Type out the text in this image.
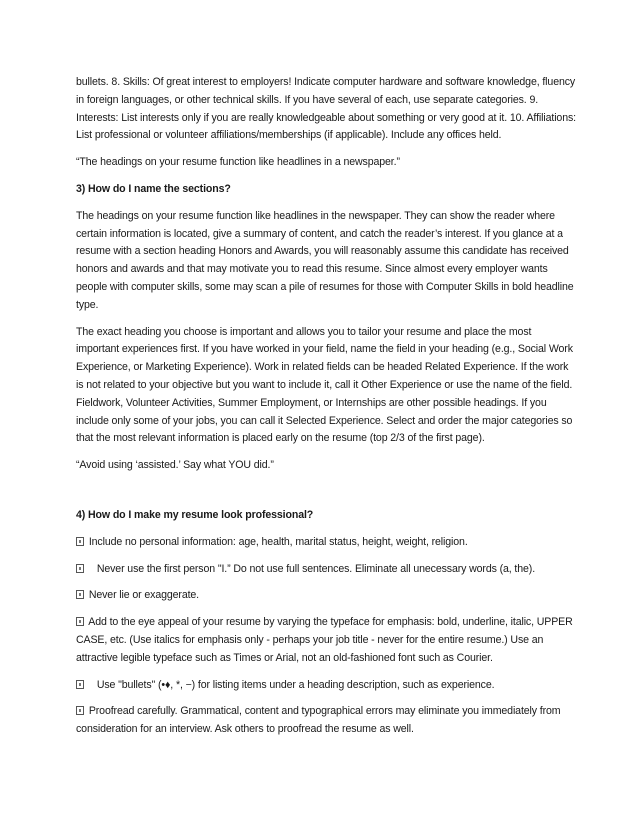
bullets. 8. Skills: Of great interest to employers! Indicate computer hardware and software knowledge, fluency in foreign languages, or other technical skills. If you have several of each, use separate categories. 9. Interests: List interests only if you are really knowledgeable about something or very good at it. 10. Affiliations: List professional or volunteer affiliations/memberships (if applicable). Include any offices held.

“The headings on your resume function like headlines in a newspaper.”

3) How do I name the sections?

The headings on your resume function like headlines in the newspaper. They can show the reader where certain information is located, give a summary of content, and catch the reader’s interest. If you glance at a resume with a section heading Honors and Awards, you will reasonably assume this candidate has received honors and awards and that may motivate you to read this resume. Since almost every employer wants people with computer skills, some may scan a pile of resumes for those with Computer Skills in bold headline type.

The exact heading you choose is important and allows you to tailor your resume and place the most important experiences first. If you have worked in your field, name the field in your heading (e.g., Social Work Experience, or Marketing Experience). Work in related fields can be headed Related Experience. If the work is not related to your objective but you want to include it, call it Other Experience or use the name of the field. Fieldwork, Volunteer Activities, Summer Employment, or Internships are other possible headings. If you include only some of your jobs, you can call it Selected Experience. Select and order the major categories so that the most relevant information is placed early on the resume (top 2/3 of the first page).

“Avoid using ‘assisted.’ Say what YOU did.”

4) How do I make my resume look professional?

Include no personal information: age, health, marital status, height, weight, religion.
Never use the first person "I.” Do not use full sentences. Eliminate all unecessary words (a, the).
Never lie or exaggerate.
Add to the eye appeal of your resume by varying the typeface for emphasis: bold, underline, italic, UPPER CASE, etc. (Use italics for emphasis only - perhaps your job title - never for the entire resume.) Use an attractive legible typeface such as Times or Arial, not an old-fashioned font such as Courier.
Use "bullets" (•♦, *, −) for listing items under a heading description, such as experience.
Proofread carefully. Grammatical, content and typographical errors may eliminate you immediately from consideration for an interview. Ask others to proofread the resume as well.
